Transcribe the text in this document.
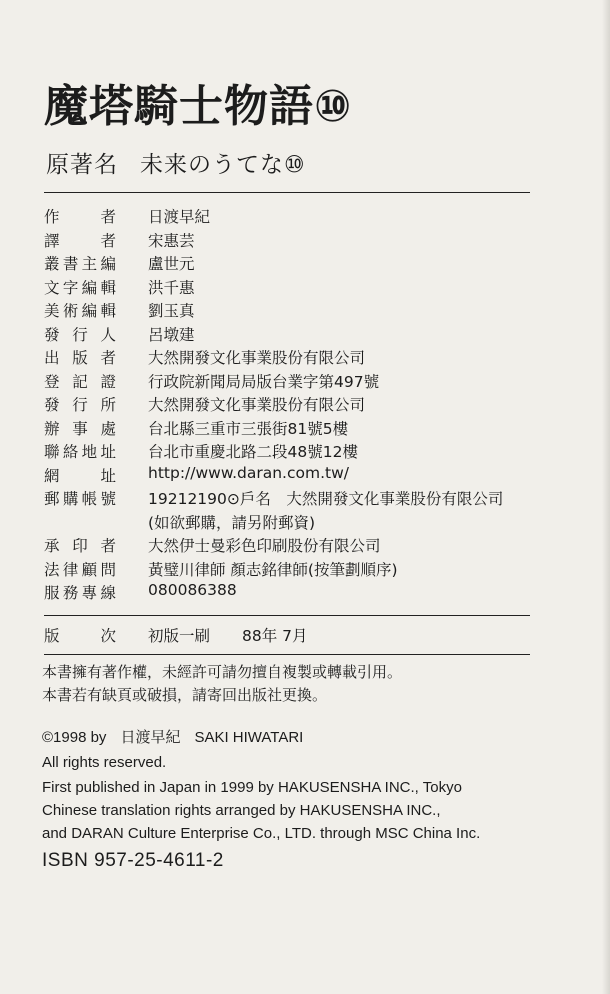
魔塔騎士物語⑩
原著名 未来のうてな⑩
作	者 日渡早紀
譯	者 宋惠芸
叢 書 主 編 盧世元
文 字 編 輯 洪千惠
美 術 編 輯 劉玉真
發 行 人 呂墩建
出 版 者 大然開發文化事業股份有限公司
登 記 證 行政院新聞局局版台業字第497號
發 行 所 大然開發文化事業股份有限公司
辦 事 處 台北縣三重市三張街81號5樓
聯 絡 地 址 台北市重慶北路二段48號12樓
網	址 http://www.daran.com.tw/
郵 購 帳 號 19212190⊙戶名　大然開發文化事業股份有限公司
(如欲郵購，請另附郵資)
承 印 者 大然伊士曼彩色印刷股份有限公司
法 律 顧 問 黃璧川律師 顏志銘律師(按筆劃順序)
服 務 專 線 080086388
版	次 初版一刷 88年 7月
本書擁有著作權，未經許可請勿擅自複製或轉載引用。
本書若有缺頁或破損，請寄回出版社更換。
©1998 by 日渡早紀 SAKI HIWATARI
All rights reserved.
First published in Japan in 1999 by HAKUSENSHA INC., Tokyo
Chinese translation rights arranged by HAKUSENSHA INC.,
and DARAN Culture Enterprise Co., LTD. through MSC China Inc.
ISBN 957-25-4611-2
